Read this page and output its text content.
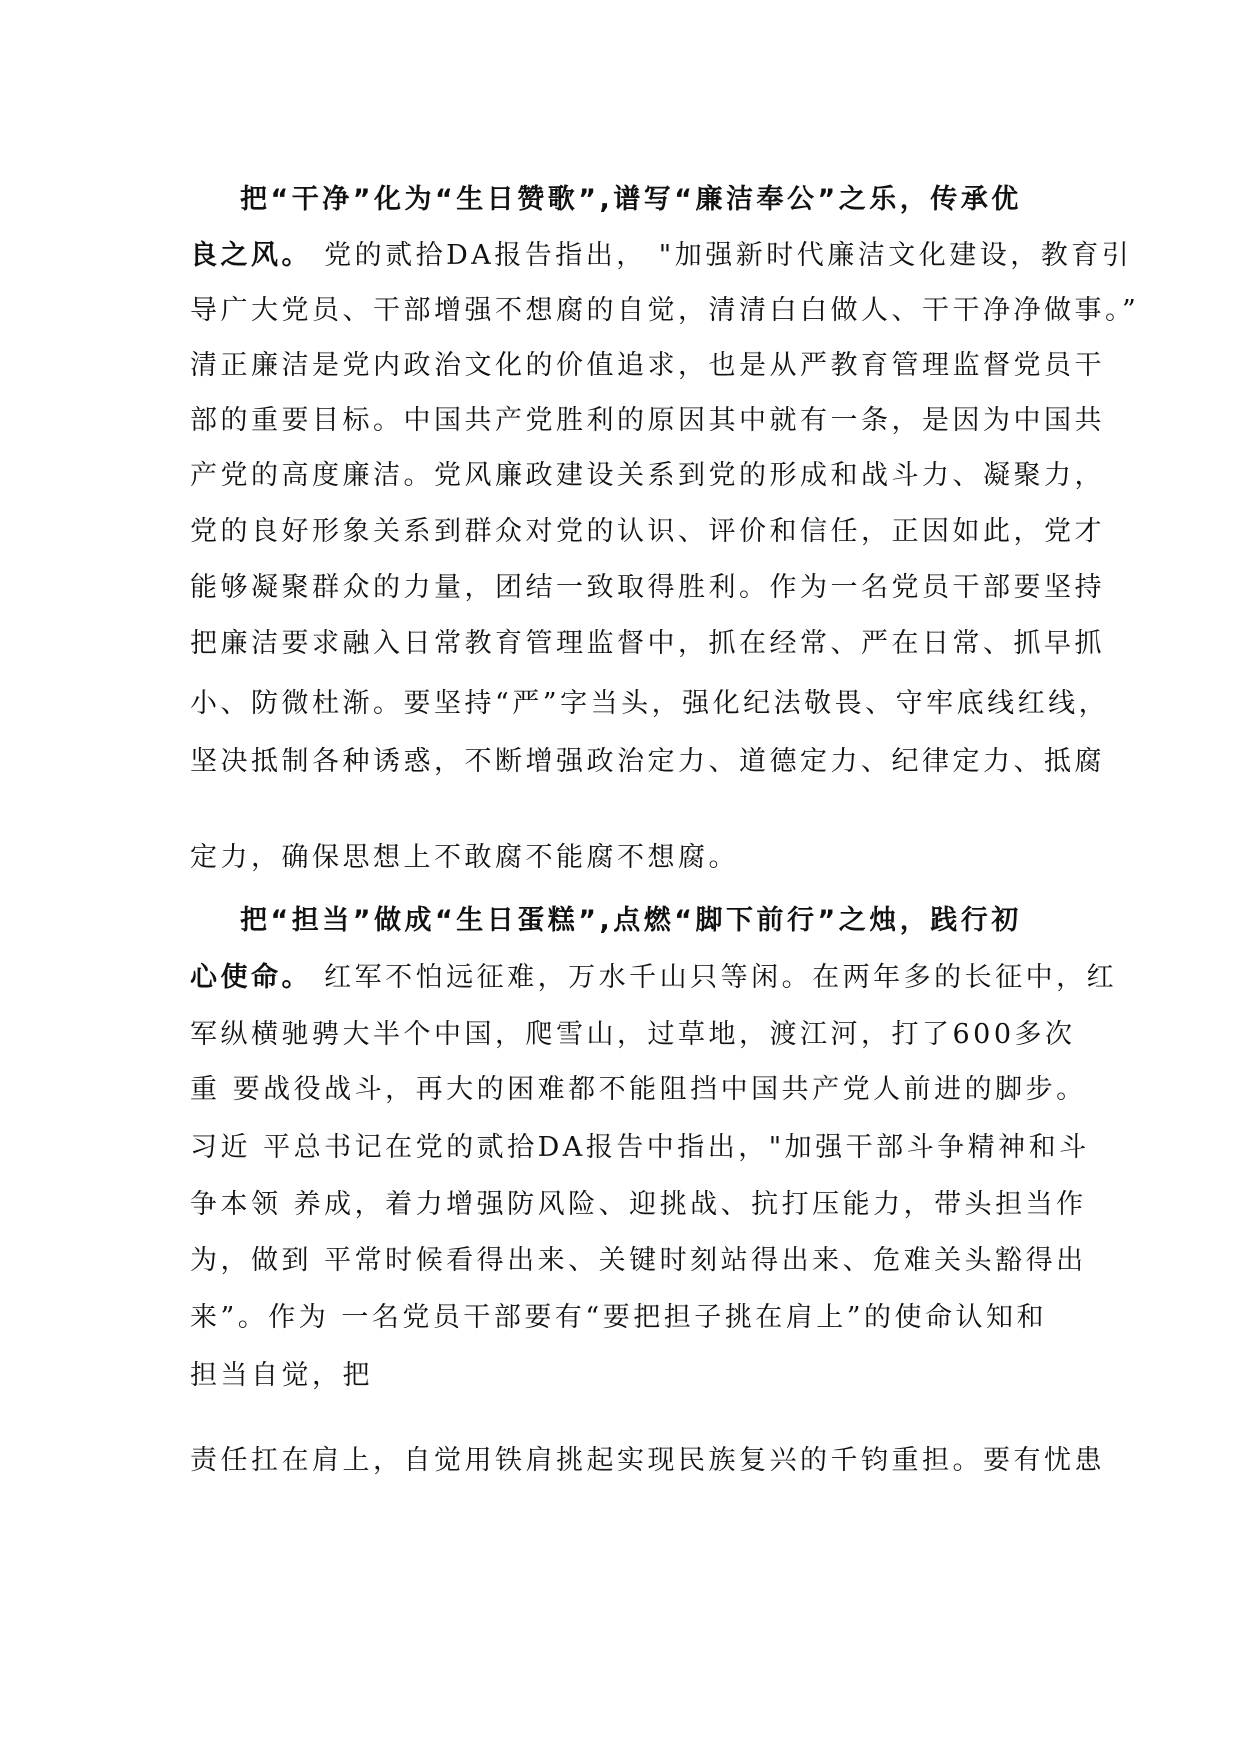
把“干净”化为“生日赞歌”,谱写“廉洁奉公”之乐，传承优
良之风。 党的贰拾DA报告指出， "加强新时代廉洁文化建设，教育引
导广大党员、干部增强不想腐的自觉，清清白白做人、干干净净做事。”
清正廉洁是党内政治文化的价值追求，也是从严教育管理监督党员干
部的重要目标。中国共产党胜利的原因其中就有一条，是因为中国共
产党的高度廉洁。党风廉政建设关系到党的形成和战斗力、凝聚力，
党的良好形象关系到群众对党的认识、评价和信任，正因如此，党才
能够凝聚群众的力量，团结一致取得胜利。作为一名党员干部要坚持
把廉洁要求融入日常教育管理监督中，抓在经常、严在日常、抓早抓
小、防微杜渐。要坚持“严”字当头，强化纪法敬畏、守牢底线红线，
坚决抵制各种诱惑，不断增强政治定力、道德定力、纪律定力、抵腐
定力，确保思想上不敢腐不能腐不想腐。
把“担当”做成“生日蛋糕”,点燃“脚下前行”之烛，践行初
心使命。 红军不怕远征难，万水千山只等闲。在两年多的长征中，红
军纵横驰骋大半个中国，爬雪山，过草地，渡江河，打了600多次
重 要战役战斗，再大的困难都不能阻挡中国共产党人前进的脚步。
习近 平总书记在党的贰拾DA报告中指出，"加强干部斗争精神和斗
争本领 养成，着力增强防风险、迎挑战、抗打压能力，带头担当作
为，做到 平常时候看得出来、关键时刻站得出来、危难关头豁得出
来”。作为 一名党员干部要有“要把担子挑在肩上”的使命认知和
担当自觉，把
责任扛在肩上，自觉用铁肩挑起实现民族复兴的千钧重担。要有忧患
